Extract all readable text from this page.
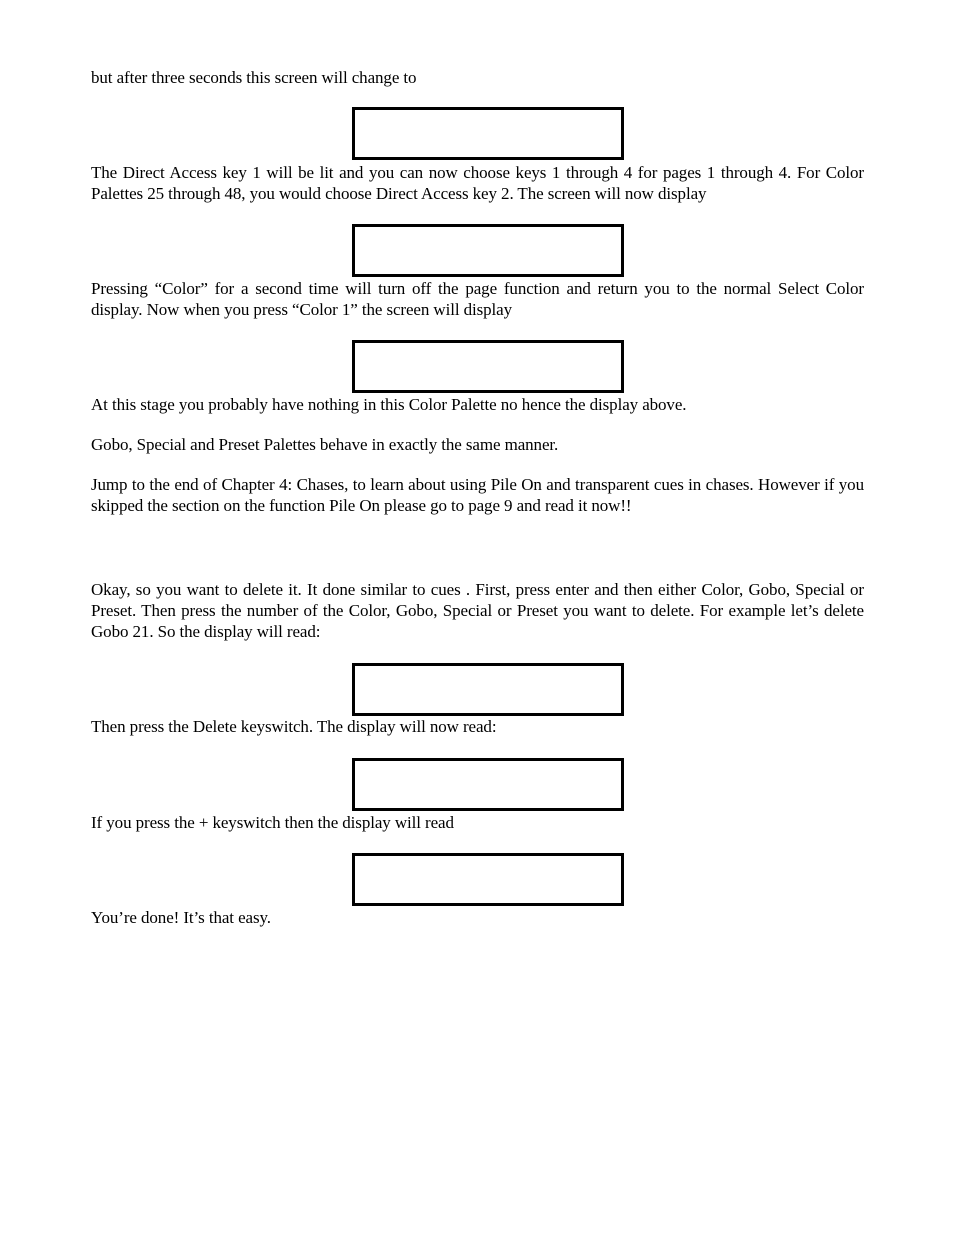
but after three seconds this screen will change to

The Direct Access key 1 will be lit and you can now choose keys 1 through 4 for pages 1 through 4. For Color Palettes 25 through 48, you would choose Direct Access key 2. The screen will now display

Pressing “Color” for a second time will turn off the page function and return you to the normal Select Color display. Now when you press “Color 1” the screen will display

At this stage you probably have nothing in this Color Palette no hence the display above.

Gobo, Special and Preset Palettes behave in exactly the same manner.

Jump to the end of Chapter 4: Chases, to learn about using Pile On and transparent cues in chases. However if you skipped the section on the function Pile On please go to page 9 and read it now!!

Okay, so you want to delete it. It done similar to cues . First, press enter and then either Color, Gobo, Special or Preset. Then press the number of the Color, Gobo, Special or Preset you want to delete. For example let’s delete Gobo 21. So the display will read:

Then press the Delete keyswitch. The display will now read:

If you press the + keyswitch then the display will read

You’re done! It’s that easy.
